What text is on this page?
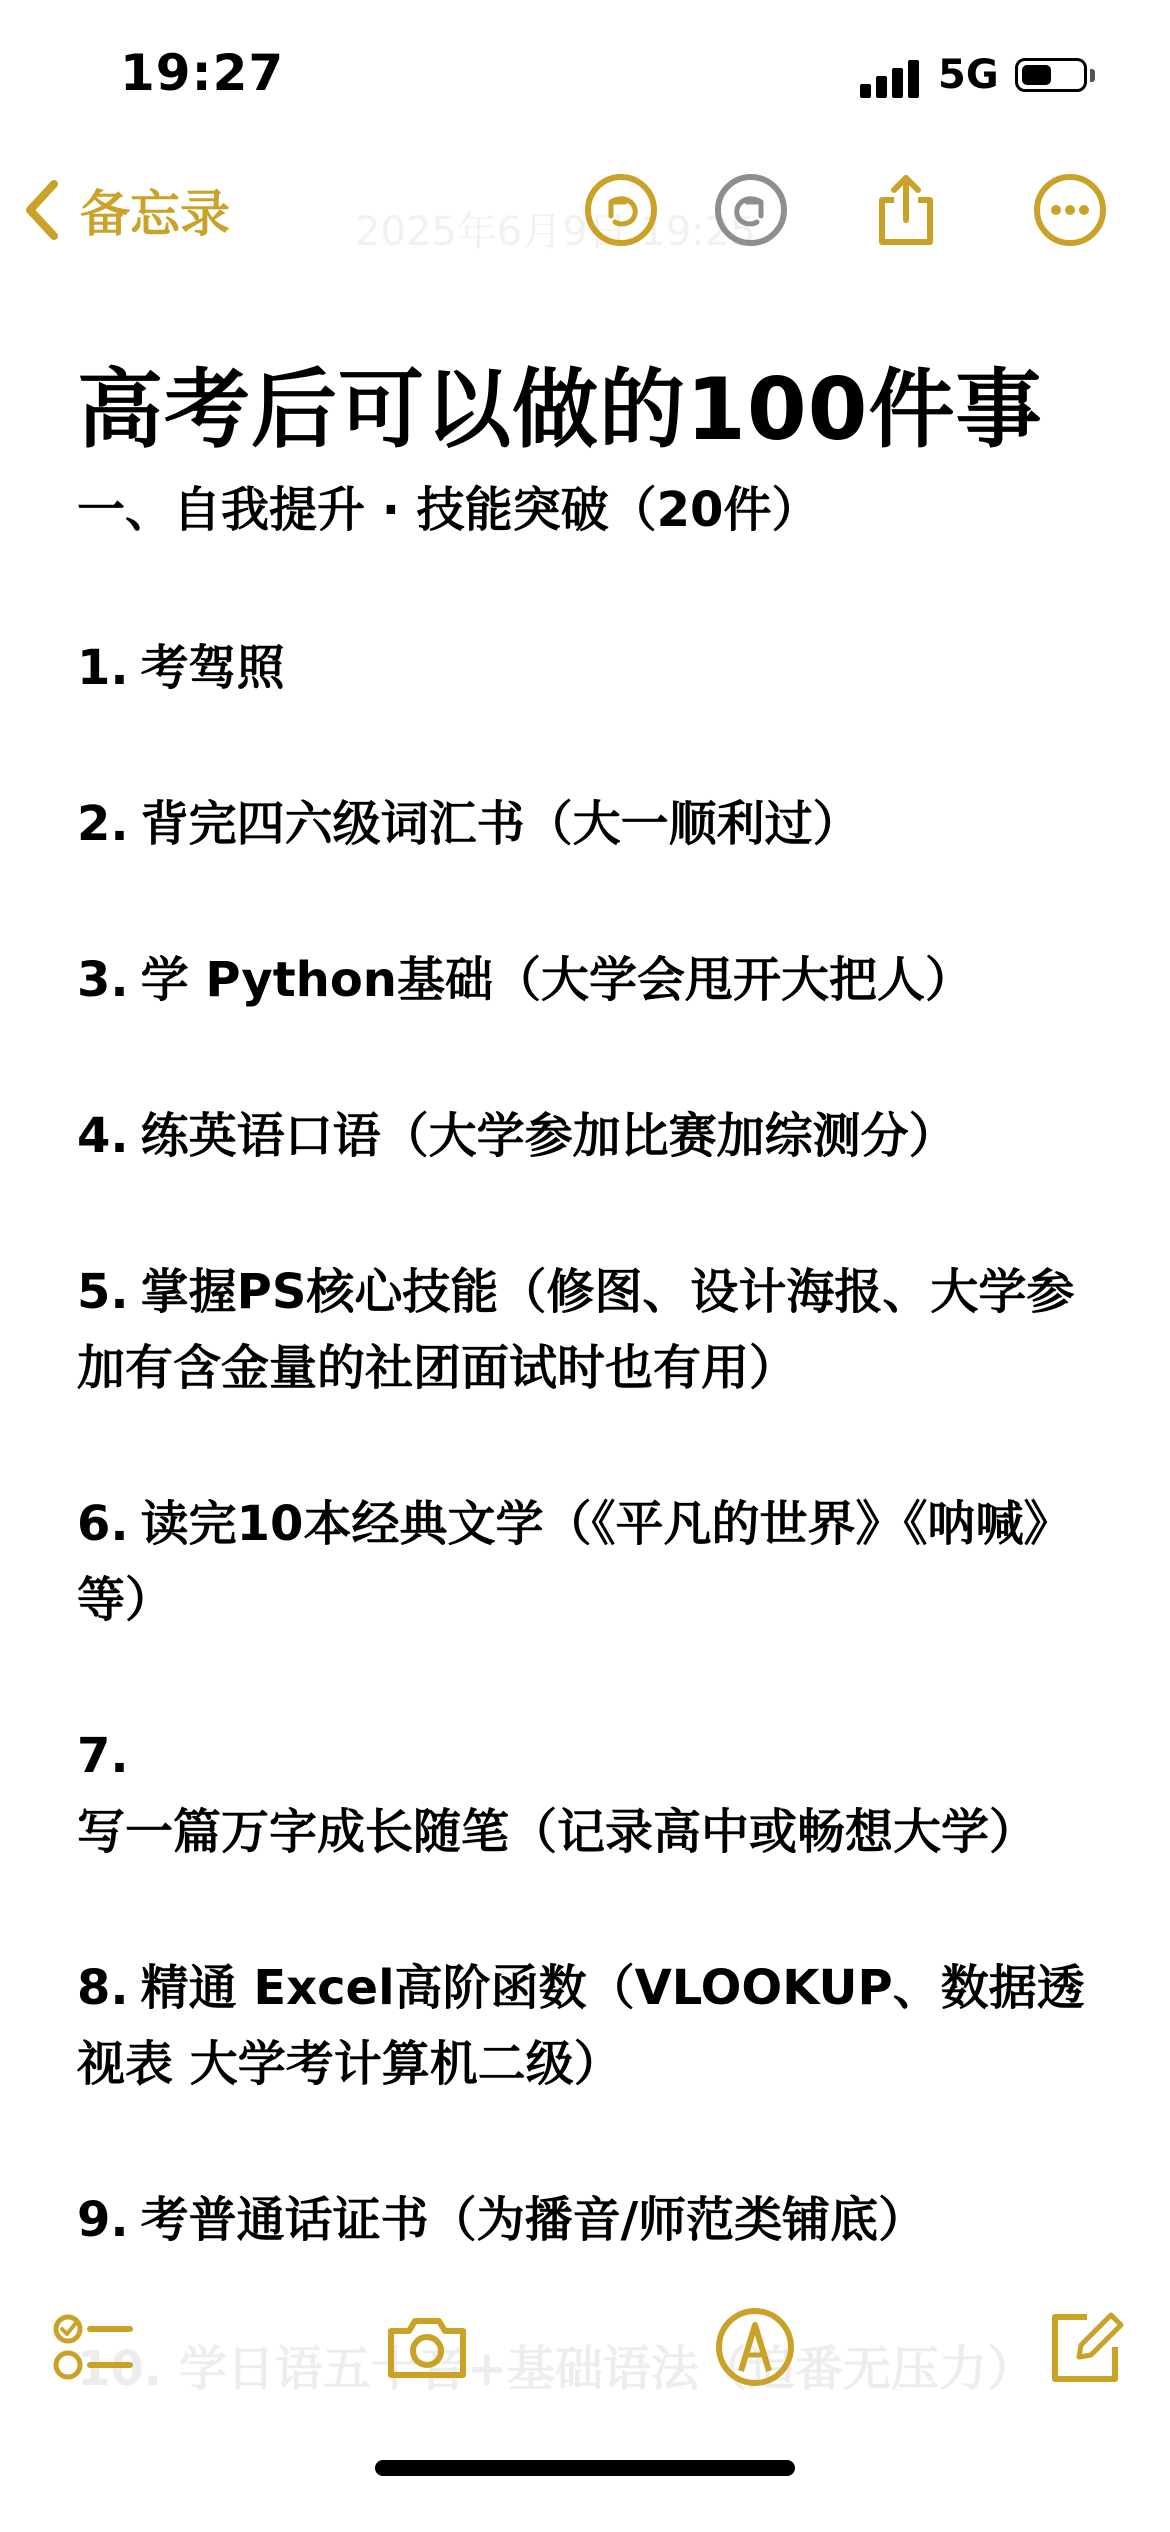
19:27	5G
2025年6月9日 19:25
备忘录
高考后可以做的100件事

一、自我提升 · 技能突破（20件）

1. 考驾照
2. 背完四六级词汇书（大一顺利过）
3. 学 Python基础（大学会甩开大把人）
4. 练英语口语（大学参加比赛加综测分）
5. 掌握PS核心技能（修图、设计海报、大学参加有含金量的社团面试时也有用）
6. 读完10本经典文学（《平凡的世界》《呐喊》等）
7.写一篇万字成长随笔（记录高中或畅想大学）
8. 精通 Excel高阶函数（VLOOKUP、数据透视表 大学考计算机二级）
9. 考普通话证书（为播音/师范类铺底）
10. 学日语五十音+基础语法（追番无压力）
